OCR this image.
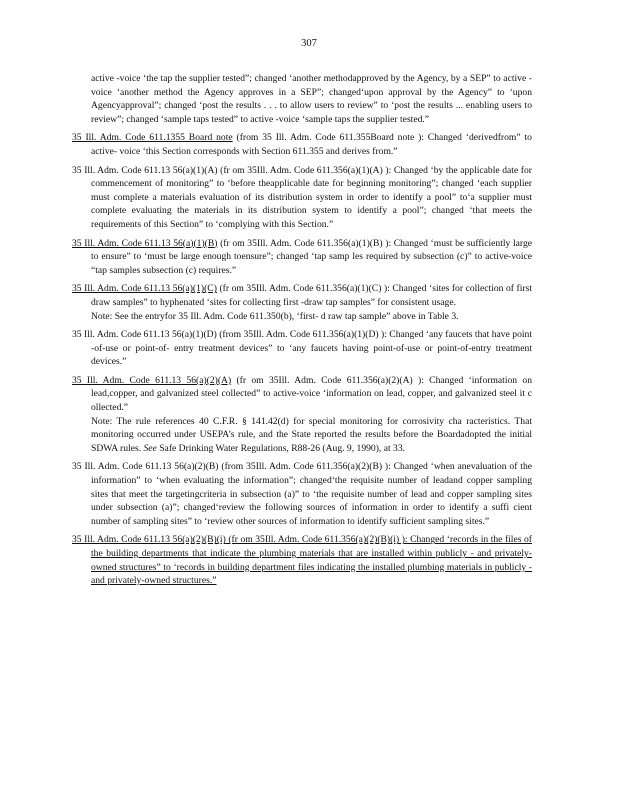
307
active -voice ‘the tap the supplier tested”; changed ‘another methodapproved by the Agency, by a SEP” to active -voice ‘another method the Agency approves in a SEP”; changed‘upon approval by the Agency” to ‘upon Agencyapproval”; changed ‘post the results . . . to allow users to review” to ‘post the results ... enabling users to review”; changed ‘sample taps tested” to active -voice ‘sample taps the supplier tested.”
35 Ill. Adm. Code 611.1355 Board note (from 35 Ill. Adm. Code 611.355Board note ): Changed ‘derivedfrom” to active- voice ‘this Section corresponds with Section 611.355 and derives from.”
35 Ill. Adm. Code 611.13 56(a)(1)(A) (fr om 35Ill. Adm. Code 611.356(a)(1)(A) ): Changed ‘by the applicable date for commencement of monitoring” to ‘before theapplicable date for beginning monitoring”; changed ‘each supplier must complete a materials evaluation of its distribution system in order to identify a pool” to‘a supplier must complete evaluating the materials in its distribution system to identify a pool”; changed ‘that meets the requirements of this Section” to ‘complying with this Section.”
35 Ill. Adm. Code 611.13 56(a)(1)(B) (fr om 35Ill. Adm. Code 611.356(a)(1)(B) ): Changed ‘must be sufficiently large to ensure” to ‘must be large enough toensure”; changed ‘tap samp les required by subsection (c)” to active-voice “tap samples subsection (c) requires.”
35 Ill. Adm. Code 611.13 56(a)(1)(C) (fr om 35Ill. Adm. Code 611.356(a)(1)(C) ): Changed ‘sites for collection of first draw samples” to hyphenated ‘sites for collecting first -draw tap samples” for consistent usage.
Note: See the entryfor 35 Ill. Adm. Code 611.350(b), ‘first- d raw tap sample” above in Table 3.
35 Ill. Adm. Code 611.13 56(a)(1)(D) (from 35Ill. Adm. Code 611.356(a)(1)(D) ): Changed ‘any faucets that have point -of-use or point-of- entry treatment devices” to ‘any faucets having point-of-use or point-of-entry treatment devices.”
35 Ill. Adm. Code 611.13 56(a)(2)(A) (fr om 35Ill. Adm. Code 611.356(a)(2)(A) ): Changed ‘information on lead,copper, and galvanized steel collected” to active-voice ‘information on lead, copper, and galvanized steel it c ollected.”
Note: The rule references 40 C.F.R. § 141.42(d) for special monitoring for corrosivity cha racteristics. That monitoring occurred under USEPA’s rule, and the State reported the results before the Boardadopted the initial SDWA rules. See Safe Drinking Water Regulations, R88-26 (Aug. 9, 1990), at 33.
35 Ill. Adm. Code 611.13 56(a)(2)(B) (from 35Ill. Adm. Code 611.356(a)(2)(B) ): Changed ‘when anevaluation of the information” to ‘when evaluating the information”; changed‘the requisite number of leadand copper sampling sites that meet the targetingcriteria in subsection (a)” to ‘the requisite number of lead and copper sampling sites under subsection (a)”; changed‘review the following sources of information in order to identify a suffi cient number of sampling sites” to ‘review other sources of information to identify sufficient sampling sites.”
35 Ill. Adm. Code 611.13 56(a)(2)(B)(i) (fr om 35Ill. Adm. Code 611.356(a)(2)(B)(i) ): Changed ‘records in the files of the building departments that indicate the plumbing materials that are installed within publicly - and privately-owned structures” to ‘records in building department files indicating the installed plumbing materials in publicly - and privately-owned structures.”
